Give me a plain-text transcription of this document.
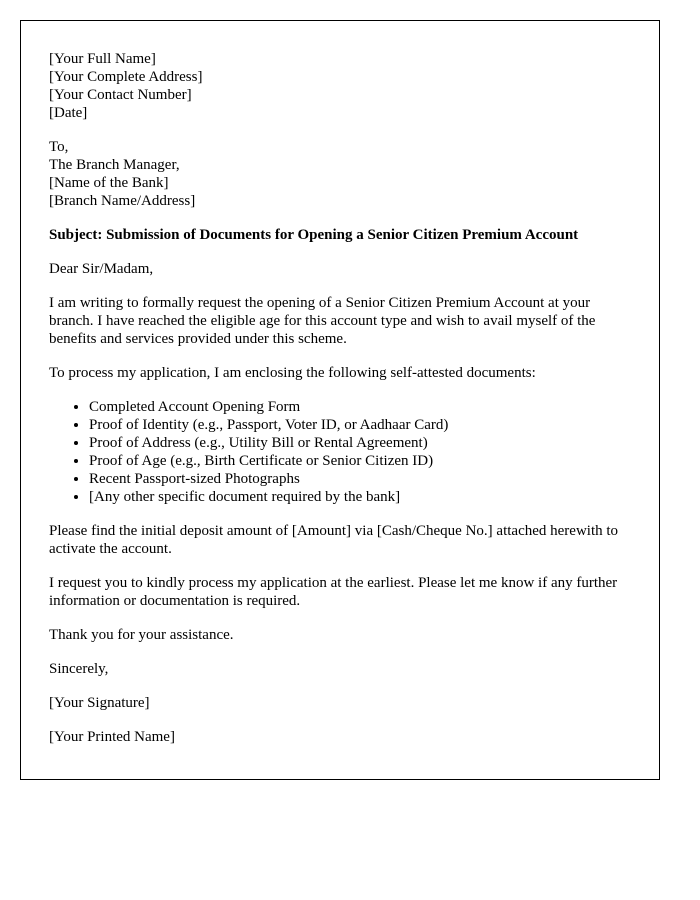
[Your Full Name]
[Your Complete Address]
[Your Contact Number]
[Date]
To,
The Branch Manager,
[Name of the Bank]
[Branch Name/Address]
Subject: Submission of Documents for Opening a Senior Citizen Premium Account

Dear Sir/Madam,

I am writing to formally request the opening of a Senior Citizen Premium Account at your branch. I have reached the eligible age for this account type and wish to avail myself of the benefits and services provided under this scheme.

To process my application, I am enclosing the following self-attested documents:

• Completed Account Opening Form
• Proof of Identity (e.g., Passport, Voter ID, or Aadhaar Card)
• Proof of Address (e.g., Utility Bill or Rental Agreement)
• Proof of Age (e.g., Birth Certificate or Senior Citizen ID)
• Recent Passport-sized Photographs
• [Any other specific document required by the bank]

Please find the initial deposit amount of [Amount] via [Cash/Cheque No.] attached herewith to activate the account.

I request you to kindly process my application at the earliest. Please let me know if any further information or documentation is required.

Thank you for your assistance.

Sincerely,

[Your Signature]

[Your Printed Name]
